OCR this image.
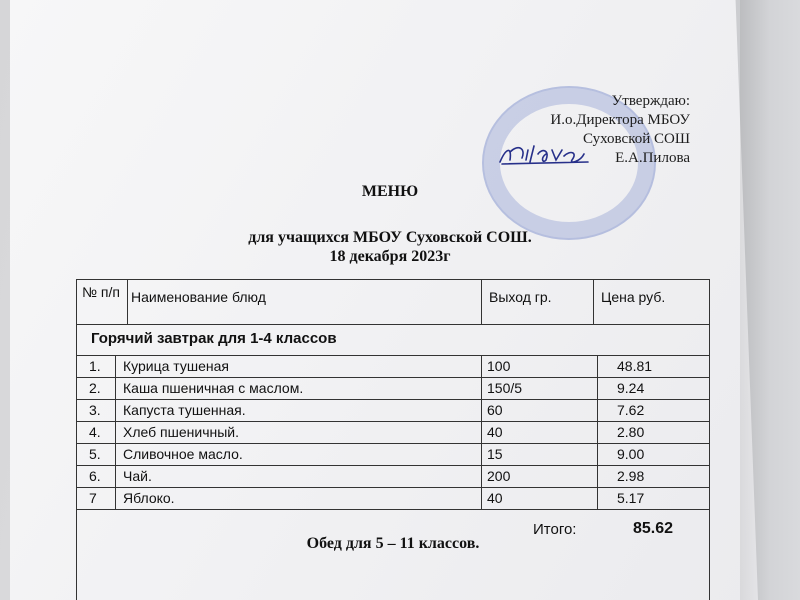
Утверждаю:
И.о.Директора МБОУ
Суховской СОШ
Е.А.Пилова
МЕНЮ
для учащихся МБОУ Суховской СОШ.
18 декабря 2023г
№ п/п Наименование блюд	Выход гр.	Цена руб.
Горячий завтрак для 1-4 классов
1. Курица тушеная	100	48.81
2. Каша пшеничная с маслом.	150/5	9.24
3. Капуста тушенная.	60	7.62
4. Хлеб пшеничный.	40	2.80
5. Сливочное масло.	15	9.00
6. Чай.	200	2.98
7 Яблоко.	40	5.17
Итого:	85.62
Обед для 5 – 11 классов.
